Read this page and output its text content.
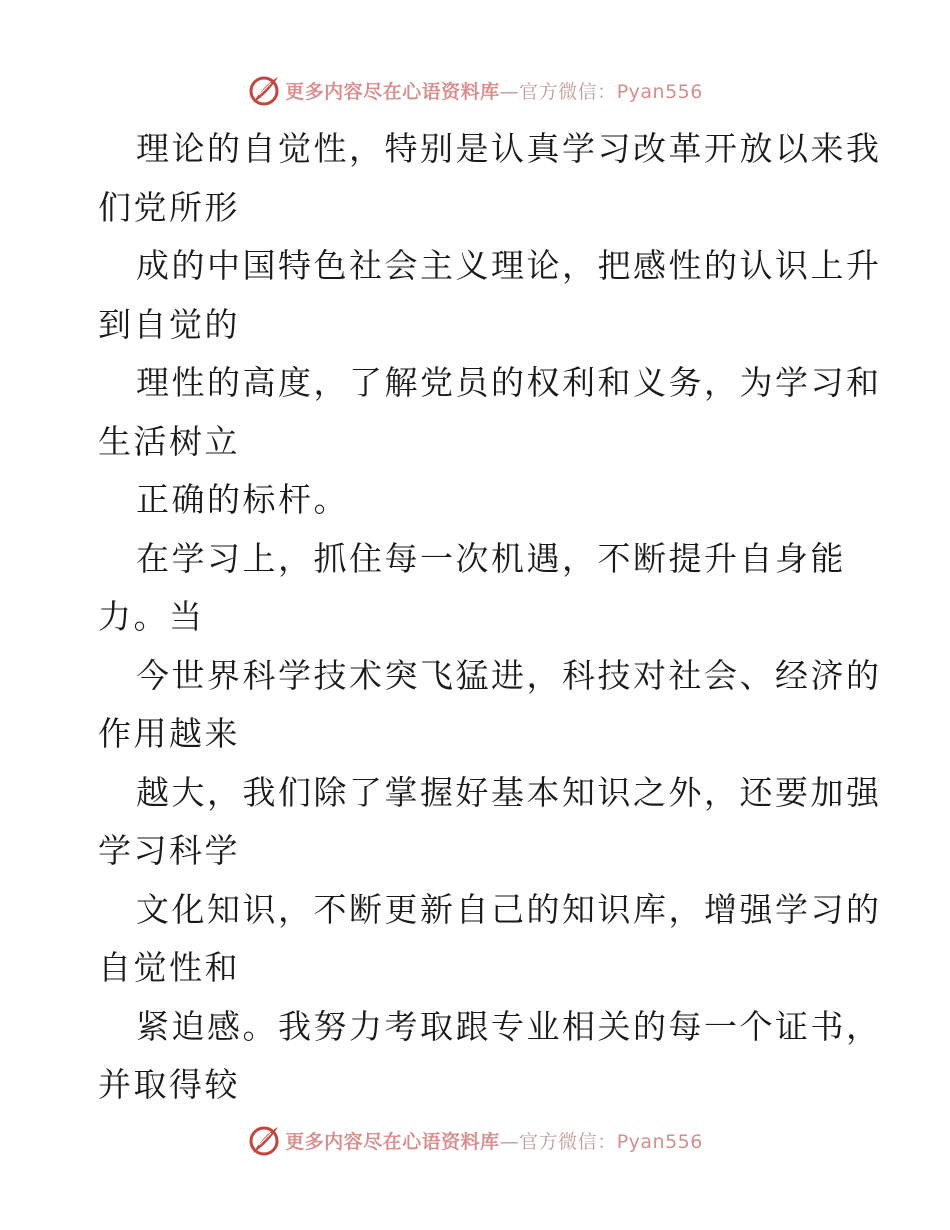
更多内容尽在心语资料库—官方微信：Pyan556
理论的自觉性，特别是认真学习改革开放以来我
们党所形
成的中国特色社会主义理论，把感性的认识上升
到自觉的
理性的高度，了解党员的权利和义务，为学习和
生活树立
正确的标杆。
在学习上，抓住每一次机遇，不断提升自身能
力。当
今世界科学技术突飞猛进，科技对社会、经济的
作用越来
越大，我们除了掌握好基本知识之外，还要加强
学习科学
文化知识，不断更新自己的知识库，增强学习的
自觉性和
紧迫感。我努力考取跟专业相关的每一个证书，
并取得较
更多内容尽在心语资料库—官方微信：Pyan556
